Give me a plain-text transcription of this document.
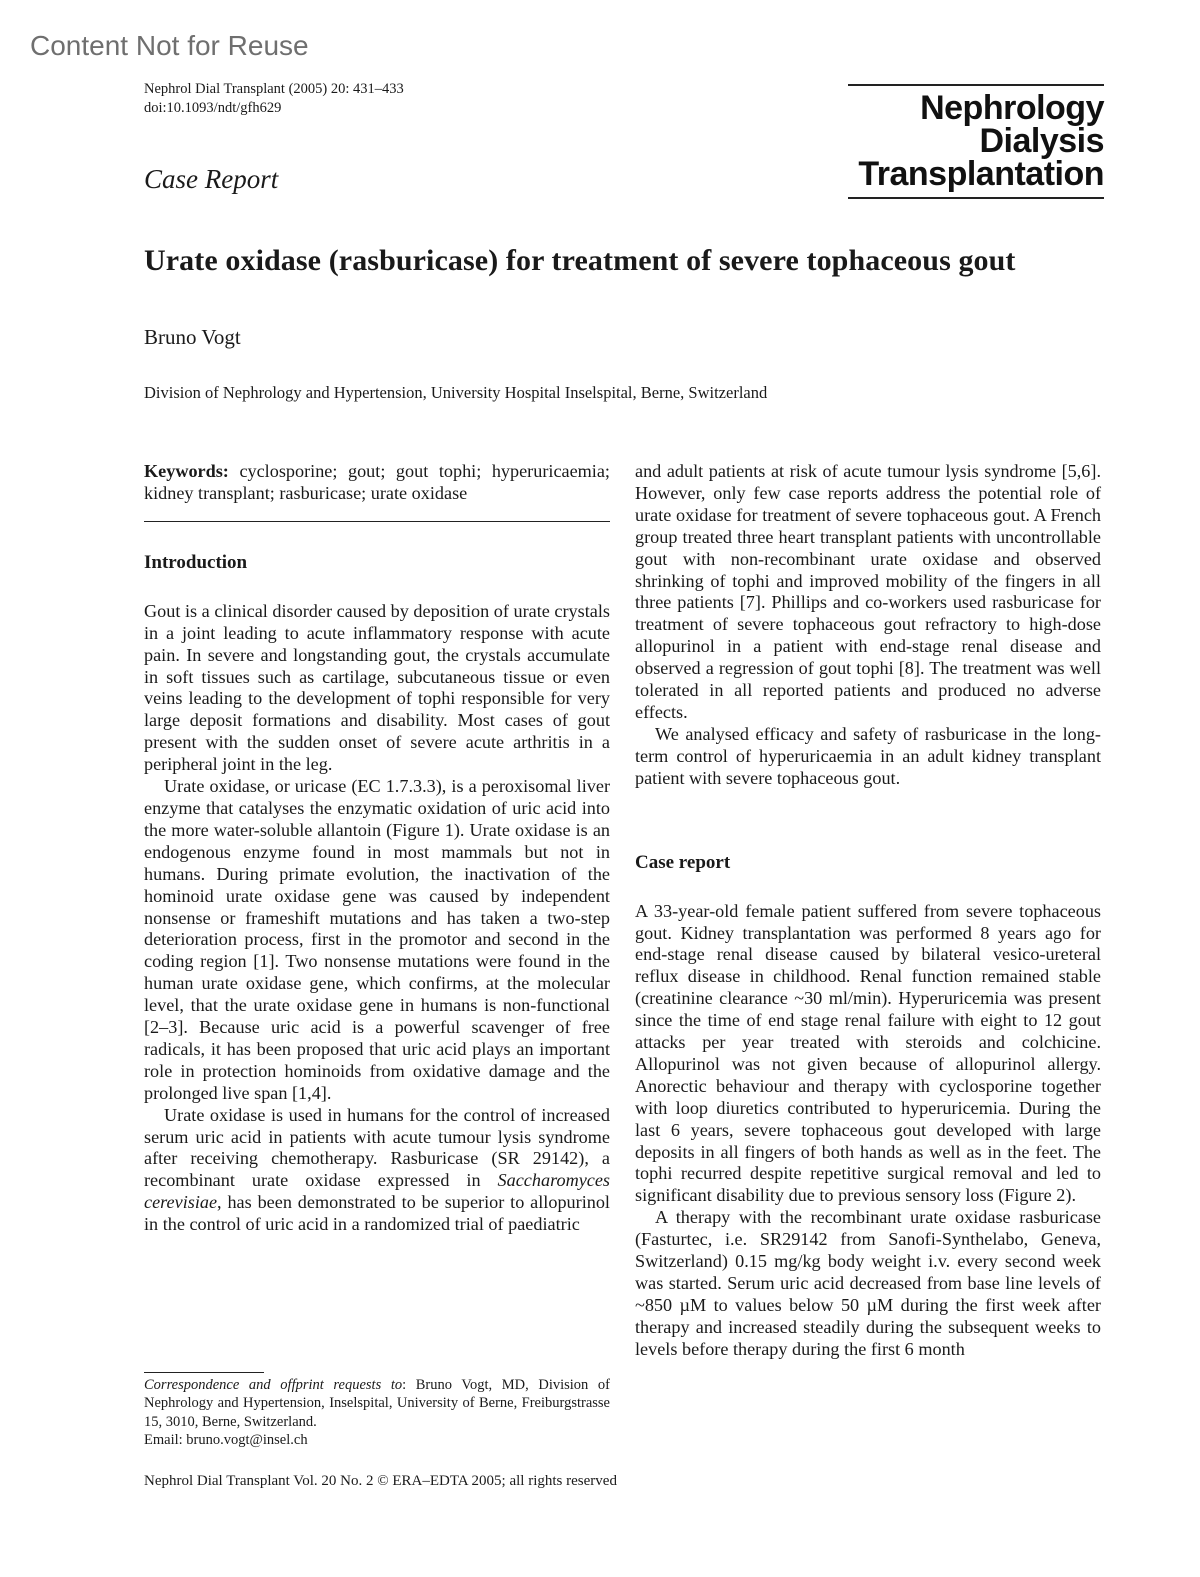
Content Not for Reuse
Nephrol Dial Transplant (2005) 20: 431–433
doi:10.1093/ndt/gfh629	Nephrology
Dialysis
Transplantation
Case Report
Urate oxidase (rasburicase) for treatment of severe tophaceous gout
Bruno Vogt
Division of Nephrology and Hypertension, University Hospital Inselspital, Berne, Switzerland
Keywords: cyclosporine; gout; gout tophi; hyperuricaemia; kidney transplant; rasburicase; urate oxidase
Introduction

Gout is a clinical disorder caused by deposition of urate crystals in a joint leading to acute inflammatory response with acute pain. In severe and longstanding gout, the crystals accumulate in soft tissues such as cartilage, subcutaneous tissue or even veins leading to the development of tophi responsible for very large deposit formations and disability. Most cases of gout present with the sudden onset of severe acute arthritis in a peripheral joint in the leg.

Urate oxidase, or uricase (EC 1.7.3.3), is a peroxisomal liver enzyme that catalyses the enzymatic oxidation of uric acid into the more water-soluble allantoin (Figure 1). Urate oxidase is an endogenous enzyme found in most mammals but not in humans. During primate evolution, the inactivation of the hominoid urate oxidase gene was caused by independent nonsense or frameshift mutations and has taken a two-step deterioration process, first in the promotor and second in the coding region [1]. Two nonsense mutations were found in the human urate oxidase gene, which confirms, at the molecular level, that the urate oxidase gene in humans is non-functional [2–3]. Because uric acid is a powerful scavenger of free radicals, it has been proposed that uric acid plays an important role in protection hominoids from oxidative damage and the prolonged live span [1,4].

Urate oxidase is used in humans for the control of increased serum uric acid in patients with acute tumour lysis syndrome after receiving chemotherapy. Rasburicase (SR 29142), a recombinant urate oxidase expressed in Saccharomyces cerevisiae, has been demonstrated to be superior to allopurinol in the control of uric acid in a randomized trial of paediatric

Correspondence and offprint requests to: Bruno Vogt, MD, Division of Nephrology and Hypertension, Inselspital, University of Berne, Freiburgstrasse 15, 3010, Berne, Switzerland.
Email: bruno.vogt@insel.ch

and adult patients at risk of acute tumour lysis syndrome [5,6]. However, only few case reports address the potential role of urate oxidase for treatment of severe tophaceous gout. A French group treated three heart transplant patients with uncontrollable gout with non-recombinant urate oxidase and observed shrinking of tophi and improved mobility of the fingers in all three patients [7]. Phillips and co-workers used rasburicase for treatment of severe tophaceous gout refractory to high-dose allopurinol in a patient with end-stage renal disease and observed a regression of gout tophi [8]. The treatment was well tolerated in all reported patients and produced no adverse effects.

We analysed efficacy and safety of rasburicase in the long-term control of hyperuricaemia in an adult kidney transplant patient with severe tophaceous gout.

Case report

A 33-year-old female patient suffered from severe tophaceous gout. Kidney transplantation was performed 8 years ago for end-stage renal disease caused by bilateral vesico-ureteral reflux disease in childhood. Renal function remained stable (creatinine clearance ~30 ml/min). Hyperuricemia was present since the time of end stage renal failure with eight to 12 gout attacks per year treated with steroids and colchicine. Allopurinol was not given because of allopurinol allergy. Anorectic behaviour and therapy with cyclosporine together with loop diuretics contributed to hyperuricemia. During the last 6 years, severe tophaceous gout developed with large deposits in all fingers of both hands as well as in the feet. The tophi recurred despite repetitive surgical removal and led to significant disability due to previous sensory loss (Figure 2).

A therapy with the recombinant urate oxidase rasburicase (Fasturtec, i.e. SR29142 from Sanofi-Synthelabo, Geneva, Switzerland) 0.15 mg/kg body weight i.v. every second week was started. Serum uric acid decreased from base line levels of ~850 µM to values below 50 µM during the first week after therapy and increased steadily during the subsequent weeks to levels before therapy during the first 6 month

Nephrol Dial Transplant Vol. 20 No. 2 © ERA–EDTA 2005; all rights reserved
